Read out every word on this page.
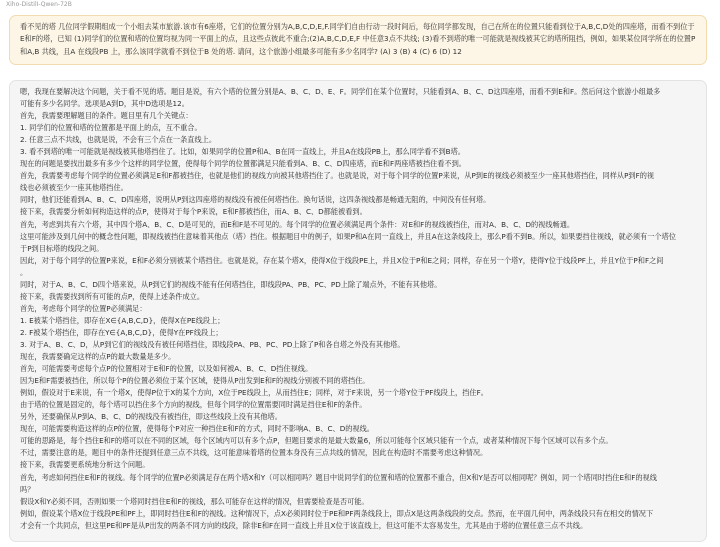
Xiho-DistilI-Qwen-72B
看不见的塔 几位同学假期组成一个小组去某市旅游.该市有6座塔，它们的位置分别为A,B,C,D,E,F.同学们自由行动一段时间后，每位同学都发现，自己在所在的位置只能看到位于A,B,C,D处的四座塔，而看不到位于E和F的塔，已知 (1)同学们的位置和塔的位置均视为同一平面上的点，且这些点彼此不重合;(2)A,B,C,D,E,F 中任意3点不共线; (3)看不到塔的唯一可能就是视线被其它的塔所阻挡，例如，如果某位同学所在的位置P和A,B 共线，且A 在线段PB 上，那么该同学就看不到位于B 处的塔. 请问，这个旅游小组最多可能有多少名同学? (A) 3 (B) 4 (C) 6 (D) 12
嗯，我现在要解决这个问题，关于看不见的塔。题目是说，有六个塔的位置分别是A、B、C、D、E、F。同学们在某个位置时，只能看到A、B、C、D这四座塔，而看不到E和F。然后问这个旅游小组最多
可能有多少名同学。选项是A到D，其中D选项是12。
首先，我需要理解题目的条件。题目里有几个关键点：
1. 同学们的位置和塔的位置都是平面上的点，互不重合。
2. 任意三点不共线，也就是说，不会有三个点在一条直线上。
3. 看不到塔的唯一可能就是视线被其他塔挡住了。比如，如果同学的位置P和A、B在同一直线上，并且A在线段PB上，那么同学看不到B塔。
现在的问题是要找出最多有多少个这样的同学位置，使得每个同学的位置都满足只能看到A、B、C、D四座塔，而E和F两座塔被挡住看不到。
首先，我需要考虑每个同学的位置必须满足E和F都被挡住，也就是他们的视线方向被其他塔挡住了。也就是说，对于每个同学的位置P来说，从P到E的视线必须被至少一座其他塔挡住，同样从P到F的视
线也必须被至少一座其他塔挡住。
同时，他们还能看到A、B、C、D四座塔，说明从P到这四座塔的视线没有被任何塔挡住。换句话说，这四条视线都是畅通无阻的，中间没有任何塔。
接下来，我需要分析如何构造这样的点P，使得对于每个P来说，E和F都被挡住，而A、B、C、D都能被看到。
首先，考虑到共有六个塔，其中四个塔A、B、C、D是可见的，而E和F是不可见的。每个同学的位置必须满足两个条件：对E和F的视线被挡住，而对A、B、C、D的视线畅通。
这里可能涉及到几何中的概念性问题，即视线被挡住意味着其他点（塔）挡住。根据题目中的例子，如果P和A在同一直线上，并且A在这条线段上，那么P看不到B。所以，如果要挡住视线，就必须有一个塔位
于P到目标塔的线段之间。
因此，对于每个同学的位置P来说，E和F必须分别被某个塔挡住。也就是说，存在某个塔X，使得X位于线段PE上，并且X位于P和E之间；同样，存在另一个塔Y，使得Y位于线段PF上，并且Y位于P和F之间
。
同时，对于A、B、C、D四个塔来说，从P到它们的视线不能有任何塔挡住，即线段PA、PB、PC、PD上除了端点外，不能有其他塔。
接下来，我需要找到所有可能的点P，使得上述条件成立。
首先，考虑每个同学的位置P必须满足：
1. E被某个塔挡住，即存在X∈{A,B,C,D}，使得X在PE线段上；
2. F被某个塔挡住，即存在Y∈{A,B,C,D}，使得Y在PF线段上；
3. 对于A、B、C、D，从P到它们的视线没有被任何塔挡住，即线段PA、PB、PC、PD上除了P和各自塔之外没有其他塔。
现在，我需要确定这样的点P的最大数量是多少。
首先，可能需要考虑每个点P的位置相对于E和F的位置，以及如何被A、B、C、D挡住视线。
因为E和F需要被挡住，所以每个P的位置必须位于某个区域，使得从P出发到E和F的视线分别被不同的塔挡住。
例如，假设对于E来说，有一个塔X，使得P位于X的某个方向，X位于PE线段上，从而挡住E；同样，对于F来说，另一个塔Y位于PF线段上，挡住F。
由于塔的位置是固定的，每个塔可以挡住多个方向的视线，但每个同学的位置需要同时满足挡住E和F的条件。
另外，还要确保从P到A、B、C、D的视线没有被挡住，即这些线段上没有其他塔。
现在，可能需要构造这样的点P的位置，使得每个P对应一种挡住E和F的方式，同时不影响A、B、C、D的视线。
可能的思路是，每个挡住E和F的塔可以在不同的区域，每个区域内可以有多个点P，但题目要求的是最大数量6，所以可能每个区域只能有一个点，或者某种情况下每个区域可以有多个点。
不过，需要注意的是，题目中的条件还提到任意三点不共线，这可能意味着塔的位置本身没有三点共线的情况，因此在构造时不需要考虑这种情况。
接下来，我需要更系统地分析这个问题。
首先，考虑如何挡住E和F的视线。每个同学的位置P必须满足存在两个塔X和Y（可以相同吗？题目中说同学们的位置和塔的位置都不重合，但X和Y是否可以相同呢？例如，同一个塔同时挡住E和F的视线
吗？
假设X和Y必须不同，否则如果一个塔同时挡住E和F的视线，那么可能存在这样的情况，但需要检查是否可能。
例如，假设某个塔X位于线段PE和PF上，即同时挡住E和F的视线。这种情况下，点X必须同时位于PE和PF两条线段上，即点X是这两条线段的交点。然而，在平面几何中，两条线段只有在相交的情况下
才会有一个共同点，但这里PE和PF是从P出发的两条不同方向的线段，除非E和F在同一直线上并且X位于该直线上，但这可能不太容易发生，尤其是由于塔的位置任意三点不共线。
